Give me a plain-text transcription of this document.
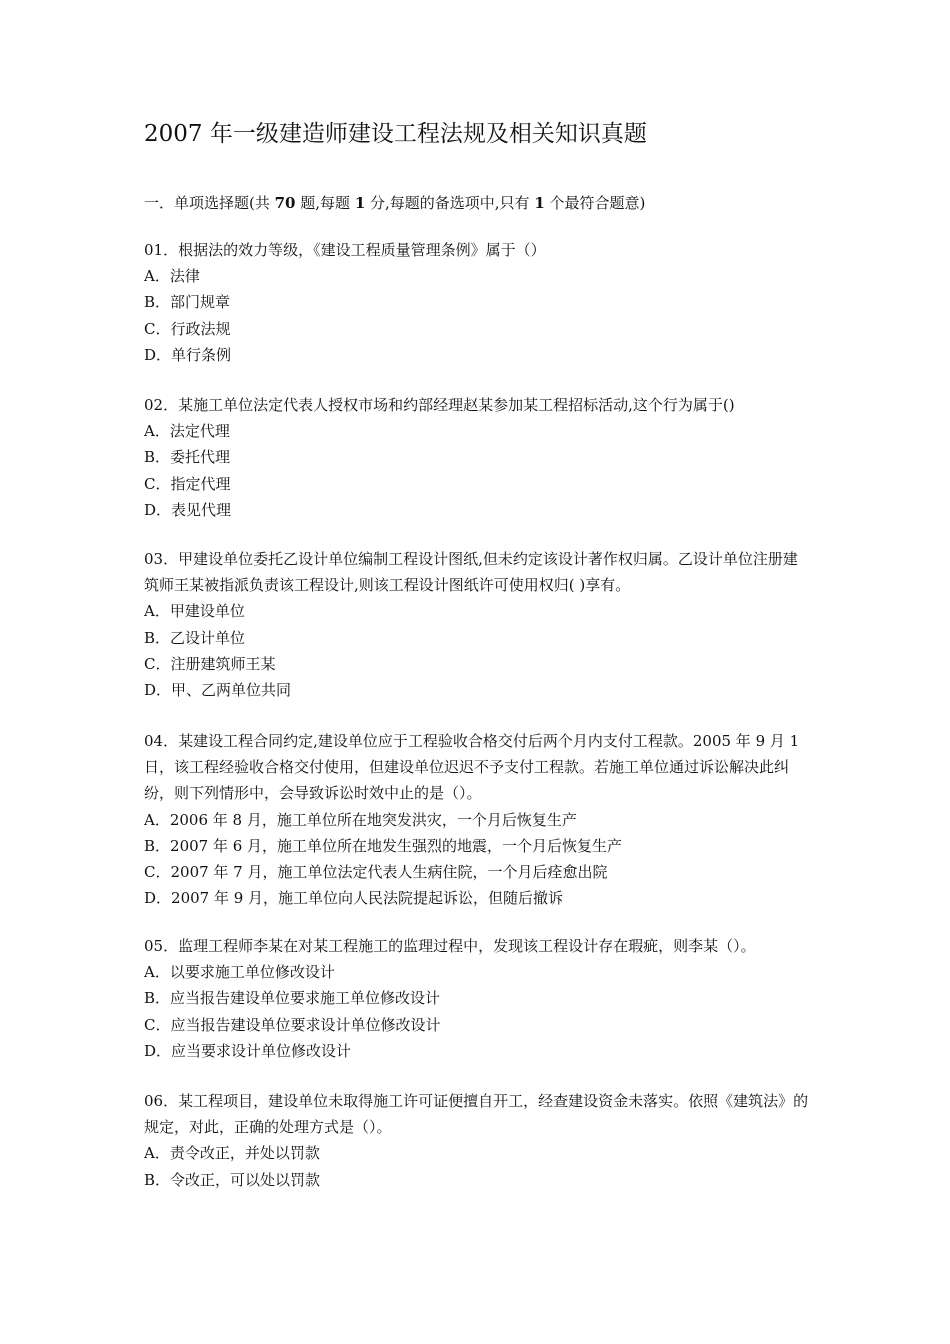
2007 年一级建造师建设工程法规及相关知识真题
一．单项选择题(共 70 题,每题 1 分,每题的备选项中,只有 1 个最符合题意)
01．根据法的效力等级，《建设工程质量管理条例》属于（）
A．法律
B．部门规章
C．行政法规
D．单行条例
02．某施工单位法定代表人授权市场和约部经理赵某参加某工程招标活动,这个行为属于()
A．法定代理
B．委托代理
C．指定代理
D．表见代理
03．甲建设单位委托乙设计单位编制工程设计图纸,但未约定该设计著作权归属。乙设计单位注册建筑师王某被指派负责该工程设计,则该工程设计图纸许可使用权归( )享有。
A．甲建设单位
B．乙设计单位
C．注册建筑师王某
D．甲、乙两单位共同
04．某建设工程合同约定,建设单位应于工程验收合格交付后两个月内支付工程款。2005 年 9 月 1 日，该工程经验收合格交付使用，但建设单位迟迟不予支付工程款。若施工单位通过诉讼解决此纠纷，则下列情形中，会导致诉讼时效中止的是（）。
A．2006 年 8 月，施工单位所在地突发洪灾，一个月后恢复生产
B．2007 年 6 月，施工单位所在地发生强烈的地震，一个月后恢复生产
C．2007 年 7 月，施工单位法定代表人生病住院，一个月后痊愈出院
D．2007 年 9 月，施工单位向人民法院提起诉讼，但随后撤诉
05．监理工程师李某在对某工程施工的监理过程中，发现该工程设计存在瑕疵，则李某（）。
A．以要求施工单位修改设计
B．应当报告建设单位要求施工单位修改设计
C．应当报告建设单位要求设计单位修改设计
D．应当要求设计单位修改设计
06．某工程项目，建设单位未取得施工许可证便擅自开工，经查建设资金未落实。依照《建筑法》的规定，对此，正确的处理方式是（）。
A．责令改正，并处以罚款
B．令改正，可以处以罚款
